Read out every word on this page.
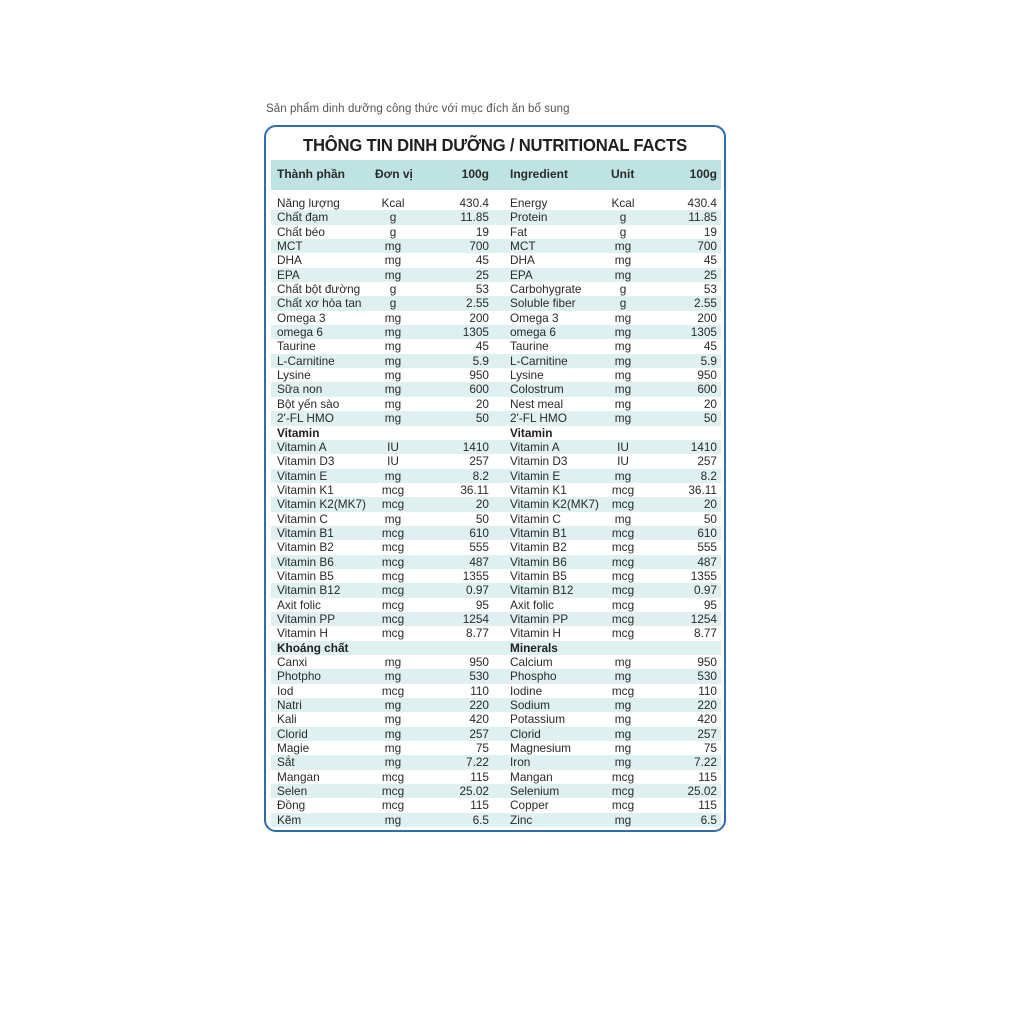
Sản phẩm dinh dưỡng công thức với mục đích ăn bổ sung
THÔNG TIN DINH DƯỠNG / NUTRITIONAL FACTS
Thành phần	Đơn vị	100g Ingredient	Unit	100g
Năng lượng	Kcal	430.4 Energy	Kcal	430.4
Chất đạm	g	11.85 Protein	g	11.85
Chất béo	g	19 Fat	g	19
MCT	mg	700 MCT	mg	700
DHA	mg	45 DHA	mg	45
EPA	mg	25 EPA	mg	25
Chất bột đường	g	53 Carbohygrate	g	53
Chất xơ hòa tan	g	2.55 Soluble fiber	g	2.55
Omega 3	mg	200 Omega 3	mg	200
omega 6	mg	1305 omega 6	mg	1305
Taurine	mg	45 Taurine	mg	45
L-Carnitine	mg	5.9 L-Carnitine	mg	5.9
Lysine	mg	950 Lysine	mg	950
Sữa non	mg	600 Colostrum	mg	600
Bột yến sào	mg	20 Nest meal	mg	20
2'-FL HMO	mg	50 2'-FL HMO	mg	50
Vitamin	Vitamin
Vitamin A	IU	1410 Vitamin A	IU	1410
Vitamin D3	IU	257 Vitamin D3	IU	257
Vitamin E	mg	8.2 Vitamin E	mg	8.2
Vitamin K1	mcg	36.11 Vitamin K1	mcg	36.11
Vitamin K2(MK7)	mcg	20 Vitamin K2(MK7)	mcg	20
Vitamin C	mg	50 Vitamin C	mg	50
Vitamin B1	mcg	610 Vitamin B1	mcg	610
Vitamin B2	mcg	555 Vitamin B2	mcg	555
Vitamin B6	mcg	487 Vitamin B6	mcg	487
Vitamin B5	mcg	1355 Vitamin B5	mcg	1355
Vitamin B12	mcg	0.97 Vitamin B12	mcg	0.97
Axit folic	mcg	95 Axit folic	mcg	95
Vitamin PP	mcg	1254 Vitamin PP	mcg	1254
Vitamin H	mcg	8.77 Vitamin H	mcg	8.77
Khoáng chất	Minerals
Canxi	mg	950 Calcium	mg	950
Photpho	mg	530 Phospho	mg	530
Iod	mcg	110 Iodine	mcg	110
Natri	mg	220 Sodium	mg	220
Kali	mg	420 Potassium	mg	420
Clorid	mg	257 Clorid	mg	257
Magie	mg	75 Magnesium	mg	75
Sắt	mg	7.22 Iron	mg	7.22
Mangan	mcg	115 Mangan	mcg	115
Selen	mcg	25.02 Selenium	mcg	25.02
Đồng	mcg	115 Copper	mcg	115
Kẽm	mg	6.5 Zinc	mg	6.5
